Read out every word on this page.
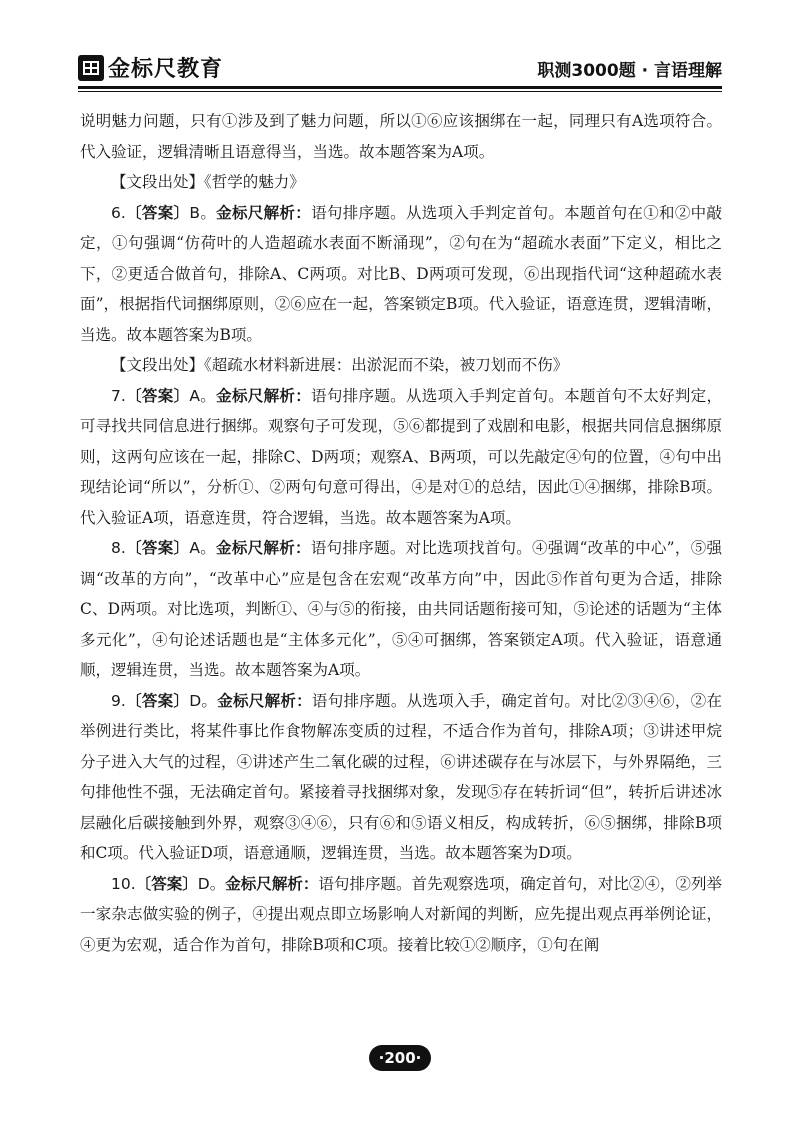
金标尺教育	职测3000题 · 言语理解

说明魅力问题，只有①涉及到了魅力问题，所以①⑥应该捆绑在一起，同理只有A选项符合。代入验证，逻辑清晰且语意得当，当选。故本题答案为A项。

【文段出处】《哲学的魅力》

6.〔答案〕B。金标尺解析：语句排序题。从选项入手判定首句。本题首句在①和②中敲定，①句强调“仿荷叶的人造超疏水表面不断涌现”，②句在为“超疏水表面”下定义，相比之下，②更适合做首句，排除A、C两项。对比B、D两项可发现，⑥出现指代词“这种超疏水表面”，根据指代词捆绑原则，②⑥应在一起，答案锁定B项。代入验证，语意连贯，逻辑清晰，当选。故本题答案为B项。

【文段出处】《超疏水材料新进展：出淤泥而不染，被刀划而不伤》

7.〔答案〕A。金标尺解析：语句排序题。从选项入手判定首句。本题首句不太好判定，可寻找共同信息进行捆绑。观察句子可发现，⑤⑥都提到了戏剧和电影，根据共同信息捆绑原则，这两句应该在一起，排除C、D两项；观察A、B两项，可以先敲定④句的位置，④句中出现结论词“所以”，分析①、②两句句意可得出，④是对①的总结，因此①④捆绑，排除B项。代入验证A项，语意连贯，符合逻辑，当选。故本题答案为A项。

8.〔答案〕A。金标尺解析：语句排序题。对比选项找首句。④强调“改革的中心”，⑤强调“改革的方向”，“改革中心”应是包含在宏观“改革方向”中，因此⑤作首句更为合适，排除C、D两项。对比选项，判断①、④与⑤的衔接，由共同话题衔接可知，⑤论述的话题为“主体多元化”，④句论述话题也是“主体多元化”，⑤④可捆绑，答案锁定A项。代入验证，语意通顺，逻辑连贯，当选。故本题答案为A项。

9.〔答案〕D。金标尺解析：语句排序题。从选项入手，确定首句。对比②③④⑥，②在举例进行类比，将某件事比作食物解冻变质的过程，不适合作为首句，排除A项；③讲述甲烷分子进入大气的过程，④讲述产生二氧化碳的过程，⑥讲述碳存在与冰层下，与外界隔绝，三句排他性不强，无法确定首句。紧接着寻找捆绑对象，发现⑤存在转折词“但”，转折后讲述冰层融化后碳接触到外界，观察③④⑥，只有⑥和⑤语义相反，构成转折，⑥⑤捆绑，排除B项和C项。代入验证D项，语意通顺，逻辑连贯，当选。故本题答案为D项。

10.〔答案〕D。金标尺解析：语句排序题。首先观察选项，确定首句，对比②④，②列举一家杂志做实验的例子，④提出观点即立场影响人对新闻的判断，应先提出观点再举例论证，④更为宏观，适合作为首句，排除B项和C项。接着比较①②顺序，①句在阐

·200·
